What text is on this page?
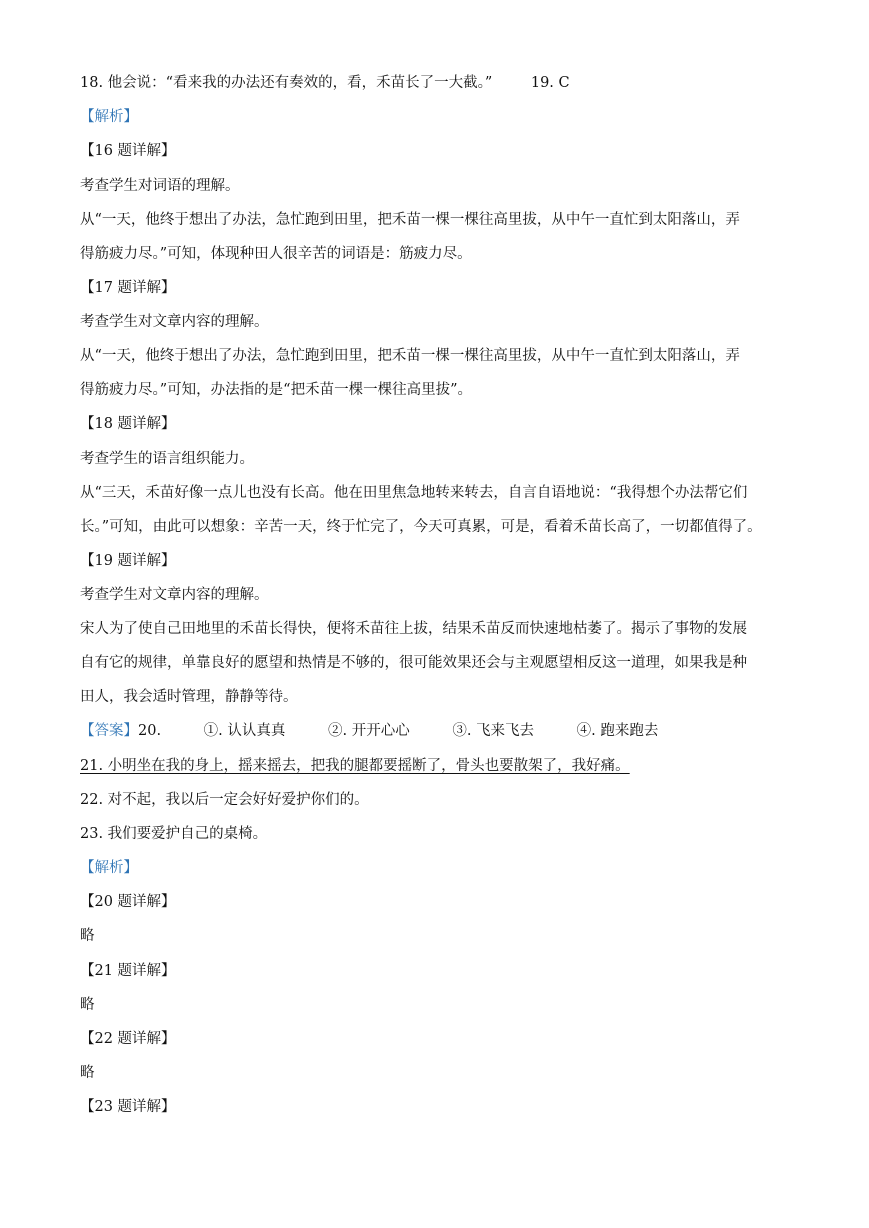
18. 他会说：“看来我的办法还有奏效的，看，禾苗长了一大截。”	19. C
【解析】
【16 题详解】
考查学生对词语的理解。
从“一天，他终于想出了办法，急忙跑到田里，把禾苗一棵一棵往高里拔，从中午一直忙到太阳落山，弄
得筋疲力尽。”可知，体现种田人很辛苦的词语是：筋疲力尽。
【17 题详解】
考查学生对文章内容的理解。
从“一天，他终于想出了办法，急忙跑到田里，把禾苗一棵一棵往高里拔，从中午一直忙到太阳落山，弄
得筋疲力尽。”可知，办法指的是“把禾苗一棵一棵往高里拔”。
【18 题详解】
考查学生的语言组织能力。
从“三天，禾苗好像一点儿也没有长高。他在田里焦急地转来转去，自言自语地说：“我得想个办法帮它们
长。”可知，由此可以想象：辛苦一天，终于忙完了，今天可真累，可是，看着禾苗长高了，一切都值得了。
【19 题详解】
考查学生对文章内容的理解。
宋人为了使自己田地里的禾苗长得快，便将禾苗往上拔，结果禾苗反而快速地枯萎了。揭示了事物的发展
自有它的规律，单靠良好的愿望和热情是不够的，很可能效果还会与主观愿望相反这一道理，如果我是种
田人，我会适时管理，静静等待。
【答案】20.	①. 认认真真	②. 开开心心	③. 飞来飞去	④. 跑来跑去
21. 小明坐在我的身上，摇来摇去，把我的腿都要摇断了，骨头也要散架了，我好痛。
22. 对不起，我以后一定会好好爱护你们的。
23. 我们要爱护自己的桌椅。
【解析】
【20 题详解】
略
【21 题详解】
略
【22 题详解】
略
【23 题详解】
